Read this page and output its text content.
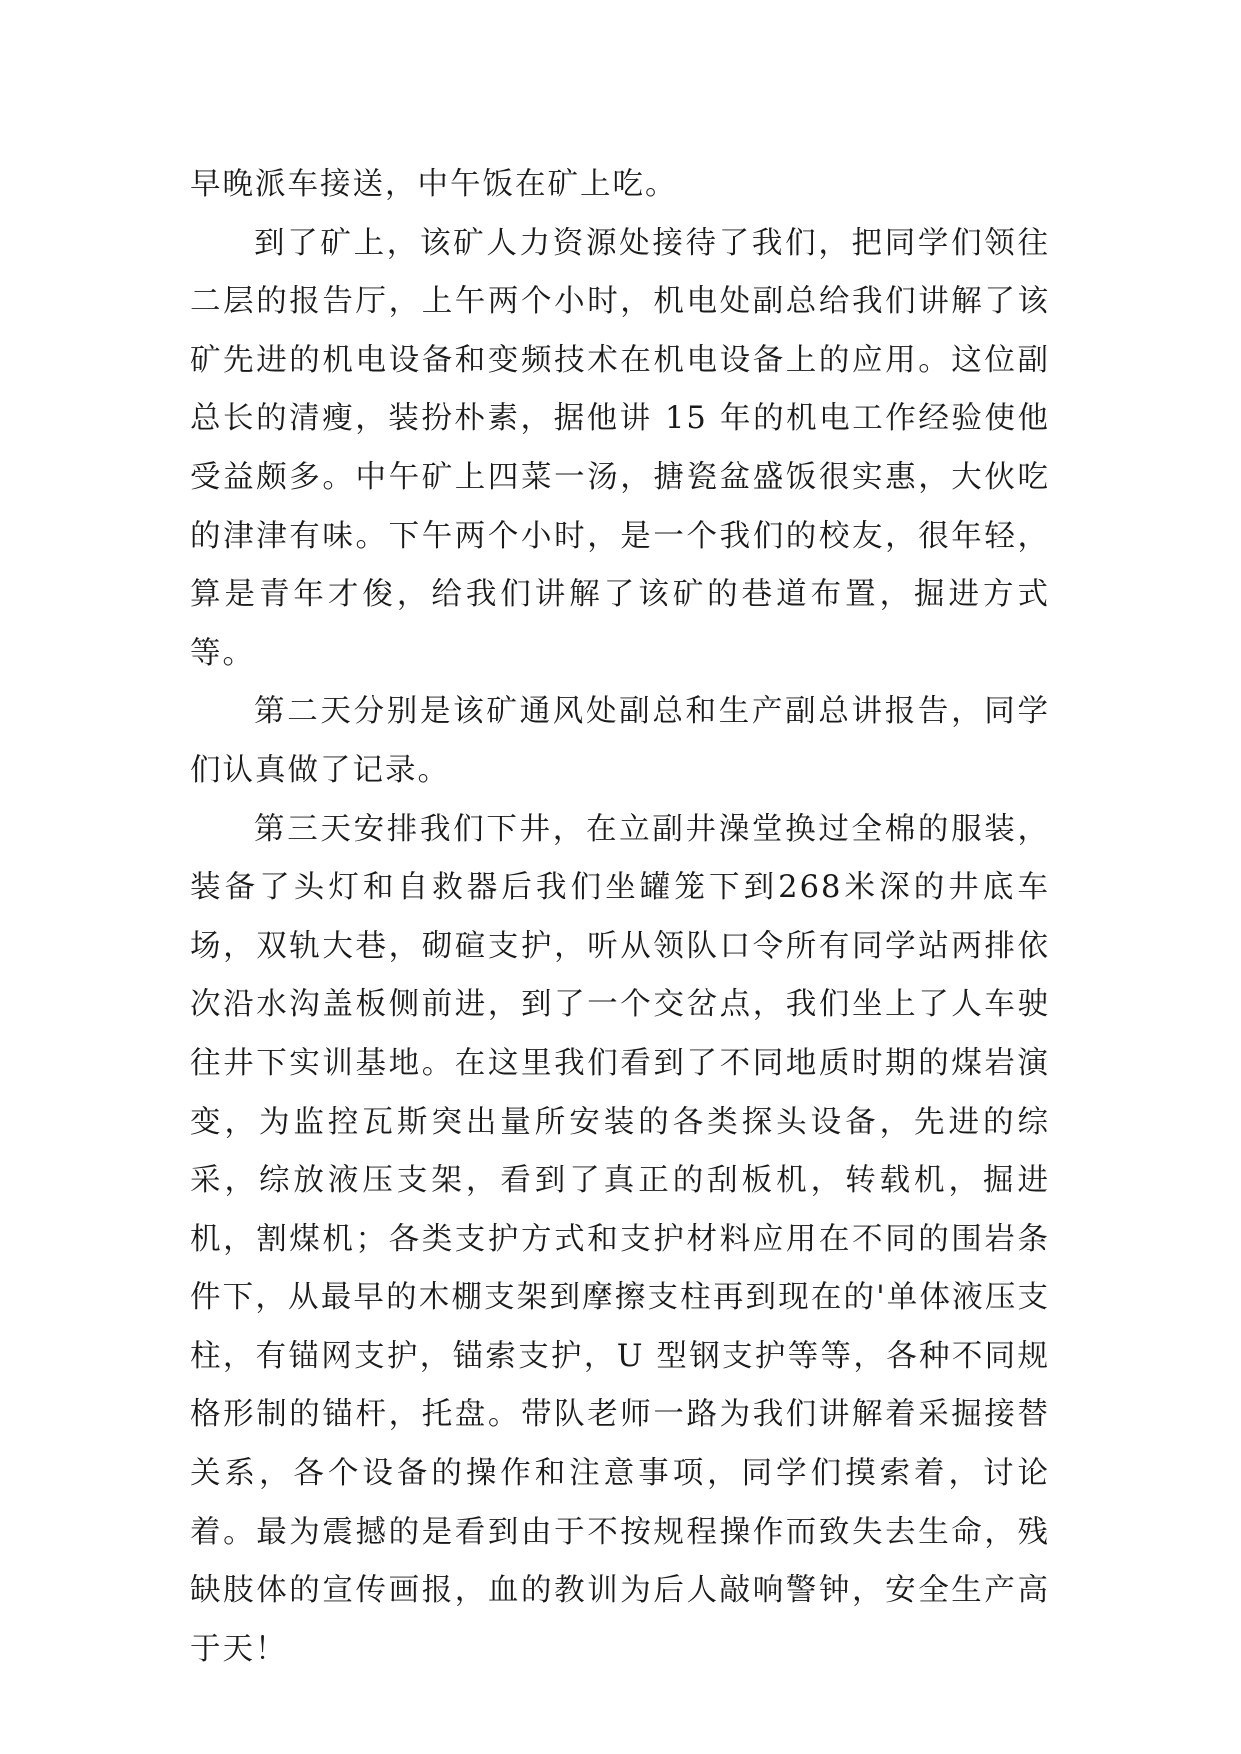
早晚派车接送，中午饭在矿上吃。

到了矿上，该矿人力资源处接待了我们，把同学们领往二层的报告厅，上午两个小时，机电处副总给我们讲解了该矿先进的机电设备和变频技术在机电设备上的应用。这位副总长的清瘦，装扮朴素，据他讲 15 年的机电工作经验使他受益颇多。中午矿上四菜一汤，搪瓷盆盛饭很实惠，大伙吃的津津有味。下午两个小时，是一个我们的校友，很年轻，算是青年才俊，给我们讲解了该矿的巷道布置，掘进方式等。

第二天分别是该矿通风处副总和生产副总讲报告，同学们认真做了记录。

第三天安排我们下井，在立副井澡堂换过全棉的服装，装备了头灯和自救器后我们坐罐笼下到268米深的井底车场，双轨大巷，砌碹支护，听从领队口令所有同学站两排依次沿水沟盖板侧前进，到了一个交岔点，我们坐上了人车驶往井下实训基地。在这里我们看到了不同地质时期的煤岩演变，为监控瓦斯突出量所安装的各类探头设备，先进的综采，综放液压支架，看到了真正的刮板机，转载机，掘进机，割煤机；各类支护方式和支护材料应用在不同的围岩条件下，从最早的木棚支架到摩擦支柱再到现在的'单体液压支柱，有锚网支护，锚索支护，U 型钢支护等等，各种不同规格形制的锚杆，托盘。带队老师一路为我们讲解着采掘接替关系，各个设备的操作和注意事项，同学们摸索着，讨论着。最为震撼的是看到由于不按规程操作而致失去生命，残缺肢体的宣传画报，血的教训为后人敲响警钟，安全生产高于天！
